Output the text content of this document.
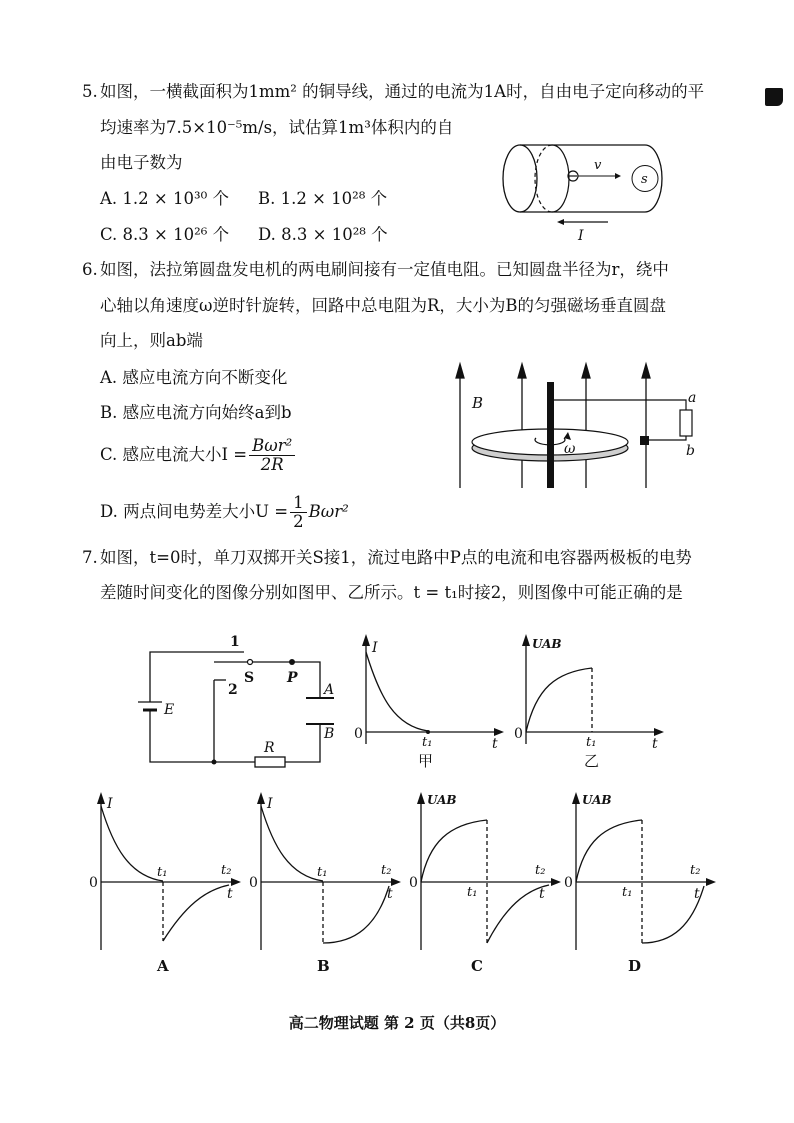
5. 如图，一横截面积为1mm² 的铜导线，通过的电流为1A时，自由电子定向移动的平
均速率为7.5×10⁻⁵m/s，试估算1m³体积内的自
由电子数为
A. 1.2 × 10³⁰ 个 B. 1.2 × 10²⁸ 个
C. 8.3 × 10²⁶ 个 D. 8.3 × 10²⁸ 个
v
s
I
6. 如图，法拉第圆盘发电机的两电刷间接有一定值电阻。已知圆盘半径为r，绕中
心轴以角速度ω逆时针旋转，回路中总电阻为R，大小为B的匀强磁场垂直圆盘
向上，则ab端
A. 感应电流方向不断变化
B. 感应电流方向始终a到b
C. 感应电流大小$I = \frac{\text{Bωr²}}{2R}$
D. 两点间电势差大小$U = \frac{1}{2} B\omega r^2$
B
ω
a
b
7. 如图，t=0时，单刀双掷开关S接1，流过电路中P点的电流和电容器两极板的电势
差随时间变化的图像分别如图甲、乙所示。t = t₁时接2，则图像中可能正确的是
1
2
S P
E
A
B
R
I
0
t₁	t
甲
UAB
0
t₁	t
乙
I
0
t₁	t₂
t
A
I
0
t₁	t₂
t
B
UAB
0
t₁
t₂
t
C
UAB
0
t₁
t₂
t
D
高二物理试题 第 2 页（共8页）
